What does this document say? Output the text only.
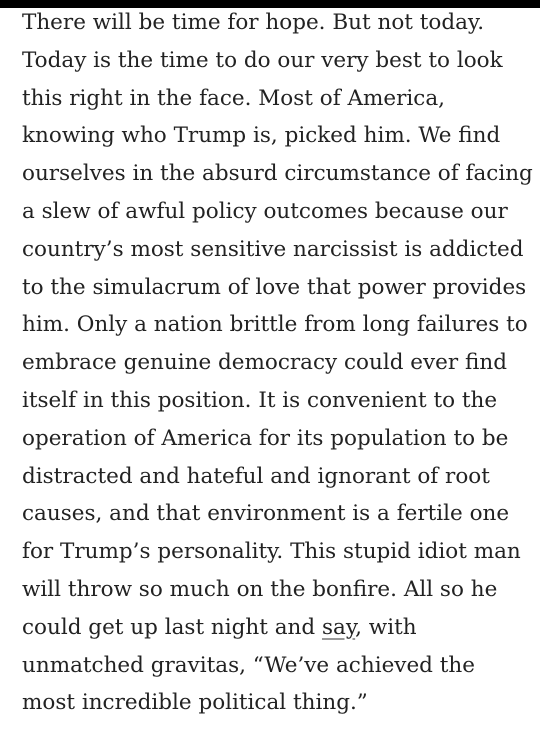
There will be time for hope. But not today.
Today is the time to do our very best to look
this right in the face. Most of America,
knowing who Trump is, picked him. We find
ourselves in the absurd circumstance of facing
a slew of awful policy outcomes because our
country’s most sensitive narcissist is addicted
to the simulacrum of love that power provides
him. Only a nation brittle from long failures to
embrace genuine democracy could ever find
itself in this position. It is convenient to the
operation of America for its population to be
distracted and hateful and ignorant of root
causes, and that environment is a fertile one
for Trump’s personality. This stupid idiot man
will throw so much on the bonfire. All so he
could get up last night and say, with
unmatched gravitas, “We’ve achieved the
most incredible political thing.”
